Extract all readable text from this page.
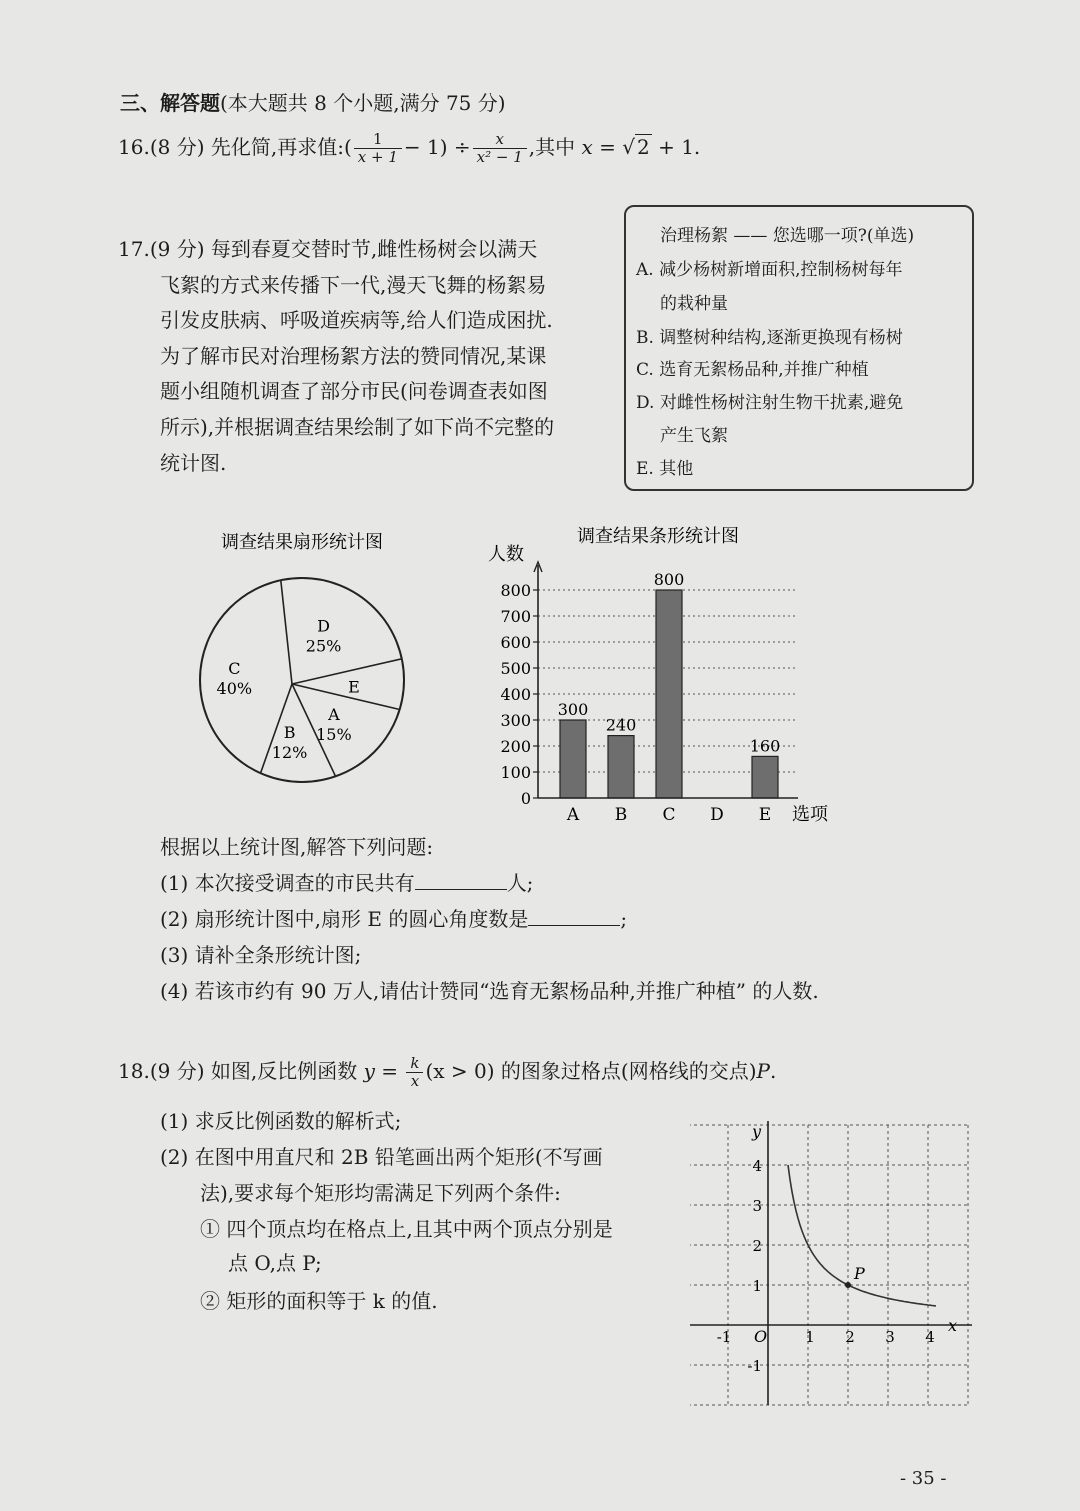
三、解答题(本大题共 8 个小题,满分 75 分)
16.(8 分) 先化简,再求值:( $\frac{1}{x + 1} - 1) \div \frac{x}{\text{x² − 1}}$ ,其中 x = √ 2 + 1.
17.(9 分) 每到春夏交替时节,雌性杨树会以满天
飞絮的方式来传播下一代,漫天飞舞的杨絮易
引发皮肤病、呼吸道疾病等,给人们造成困扰.
为了解市民对治理杨絮方法的赞同情况,某课
题小组随机调查了部分市民(问卷调查表如图
所示),并根据调查结果绘制了如下尚不完整的
统计图.
治理杨絮 —— 您选哪一项?(单选)
A. 减少杨树新增面积,控制杨树每年
的栽种量
B. 调整树种结构,逐渐更换现有杨树
C. 选育无絮杨品种,并推广种植
D. 对雌性杨树注射生物干扰素,避免
产生飞絮
E. 其他
调查结果扇形统计图
A
15%
B
12%
C
40%
D
25%
E
调查结果条形统计图
人数
300
240
800
160
0
100
200
300
400
500
600
700
800
A B C D E 选项
根据以上统计图,解答下列问题:
(1) 本次接受调查的市民共有	人;
(2) 扇形统计图中,扇形 E 的圆心角度数是	;
(3) 请补全条形统计图;
(4) 若该市约有 90 万人,请估计赞同“选育无絮杨品种,并推广种植” 的人数.
18.(9 分) 如图,反比例函数 $y = \frac{k}{x} (x > 0)$ 的图象过格点(网格线的交点)P.
(1) 求反比例函数的解析式;
(2) 在图中用直尺和 2B 铅笔画出两个矩形(不写画
法),要求每个矩形均需满足下列两个条件:
① 四个顶点均在格点上,且其中两个顶点分别是
点 O,点 P;
② 矩形的面积等于 k 的值.
P
x
y
O
-1	1 2 3 4
4
3
2
1
-1
- 35 -
